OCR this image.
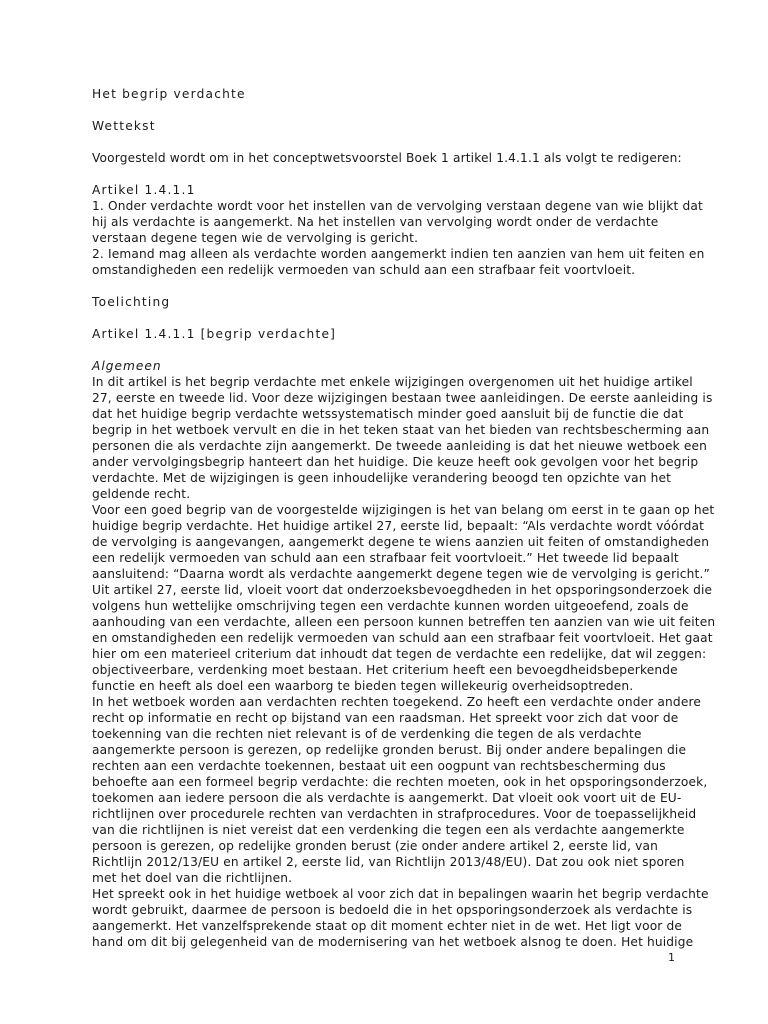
Het begrip verdachte

Wettekst

Voorgesteld wordt om in het conceptwetsvoorstel Boek 1 artikel 1.4.1.1 als volgt te redigeren:

Artikel 1.4.1.1

1. Onder verdachte wordt voor het instellen van de vervolging verstaan degene van wie blijkt dat
hij als verdachte is aangemerkt. Na het instellen van vervolging wordt onder de verdachte
verstaan degene tegen wie de vervolging is gericht.
2. Iemand mag alleen als verdachte worden aangemerkt indien ten aanzien van hem uit feiten en
omstandigheden een redelijk vermoeden van schuld aan een strafbaar feit voortvloeit.

Toelichting

Artikel 1.4.1.1 [begrip verdachte]

Algemeen

In dit artikel is het begrip verdachte met enkele wijzigingen overgenomen uit het huidige artikel
27, eerste en tweede lid. Voor deze wijzigingen bestaan twee aanleidingen. De eerste aanleiding is
dat het huidige begrip verdachte wetssystematisch minder goed aansluit bij de functie die dat
begrip in het wetboek vervult en die in het teken staat van het bieden van rechtsbescherming aan
personen die als verdachte zijn aangemerkt. De tweede aanleiding is dat het nieuwe wetboek een
ander vervolgingsbegrip hanteert dan het huidige. Die keuze heeft ook gevolgen voor het begrip
verdachte. Met de wijzigingen is geen inhoudelijke verandering beoogd ten opzichte van het
geldende recht.
Voor een goed begrip van de voorgestelde wijzigingen is het van belang om eerst in te gaan op het
huidige begrip verdachte. Het huidige artikel 27, eerste lid, bepaalt: “Als verdachte wordt vóórdat
de vervolging is aangevangen, aangemerkt degene te wiens aanzien uit feiten of omstandigheden
een redelijk vermoeden van schuld aan een strafbaar feit voortvloeit.” Het tweede lid bepaalt
aansluitend: “Daarna wordt als verdachte aangemerkt degene tegen wie de vervolging is gericht.”
Uit artikel 27, eerste lid, vloeit voort dat onderzoeksbevoegdheden in het opsporingsonderzoek die
volgens hun wettelijke omschrijving tegen een verdachte kunnen worden uitgeoefend, zoals de
aanhouding van een verdachte, alleen een persoon kunnen betreffen ten aanzien van wie uit feiten
en omstandigheden een redelijk vermoeden van schuld aan een strafbaar feit voortvloeit. Het gaat
hier om een materieel criterium dat inhoudt dat tegen de verdachte een redelijke, dat wil zeggen:
objectiveerbare, verdenking moet bestaan. Het criterium heeft een bevoegdheidsbeperkende
functie en heeft als doel een waarborg te bieden tegen willekeurig overheidsoptreden.
In het wetboek worden aan verdachten rechten toegekend. Zo heeft een verdachte onder andere
recht op informatie en recht op bijstand van een raadsman. Het spreekt voor zich dat voor de
toekenning van die rechten niet relevant is of de verdenking die tegen de als verdachte
aangemerkte persoon is gerezen, op redelijke gronden berust. Bij onder andere bepalingen die
rechten aan een verdachte toekennen, bestaat uit een oogpunt van rechtsbescherming dus
behoefte aan een formeel begrip verdachte: die rechten moeten, ook in het opsporingsonderzoek,
toekomen aan iedere persoon die als verdachte is aangemerkt. Dat vloeit ook voort uit de EU-
richtlijnen over procedurele rechten van verdachten in strafprocedures. Voor de toepasselijkheid
van die richtlijnen is niet vereist dat een verdenking die tegen een als verdachte aangemerkte
persoon is gerezen, op redelijke gronden berust (zie onder andere artikel 2, eerste lid, van
Richtlijn 2012/13/EU en artikel 2, eerste lid, van Richtlijn 2013/48/EU). Dat zou ook niet sporen
met het doel van die richtlijnen.
Het spreekt ook in het huidige wetboek al voor zich dat in bepalingen waarin het begrip verdachte
wordt gebruikt, daarmee de persoon is bedoeld die in het opsporingsonderzoek als verdachte is
aangemerkt. Het vanzelfsprekende staat op dit moment echter niet in de wet. Het ligt voor de
hand om dit bij gelegenheid van de modernisering van het wetboek alsnog te doen. Het huidige
1
